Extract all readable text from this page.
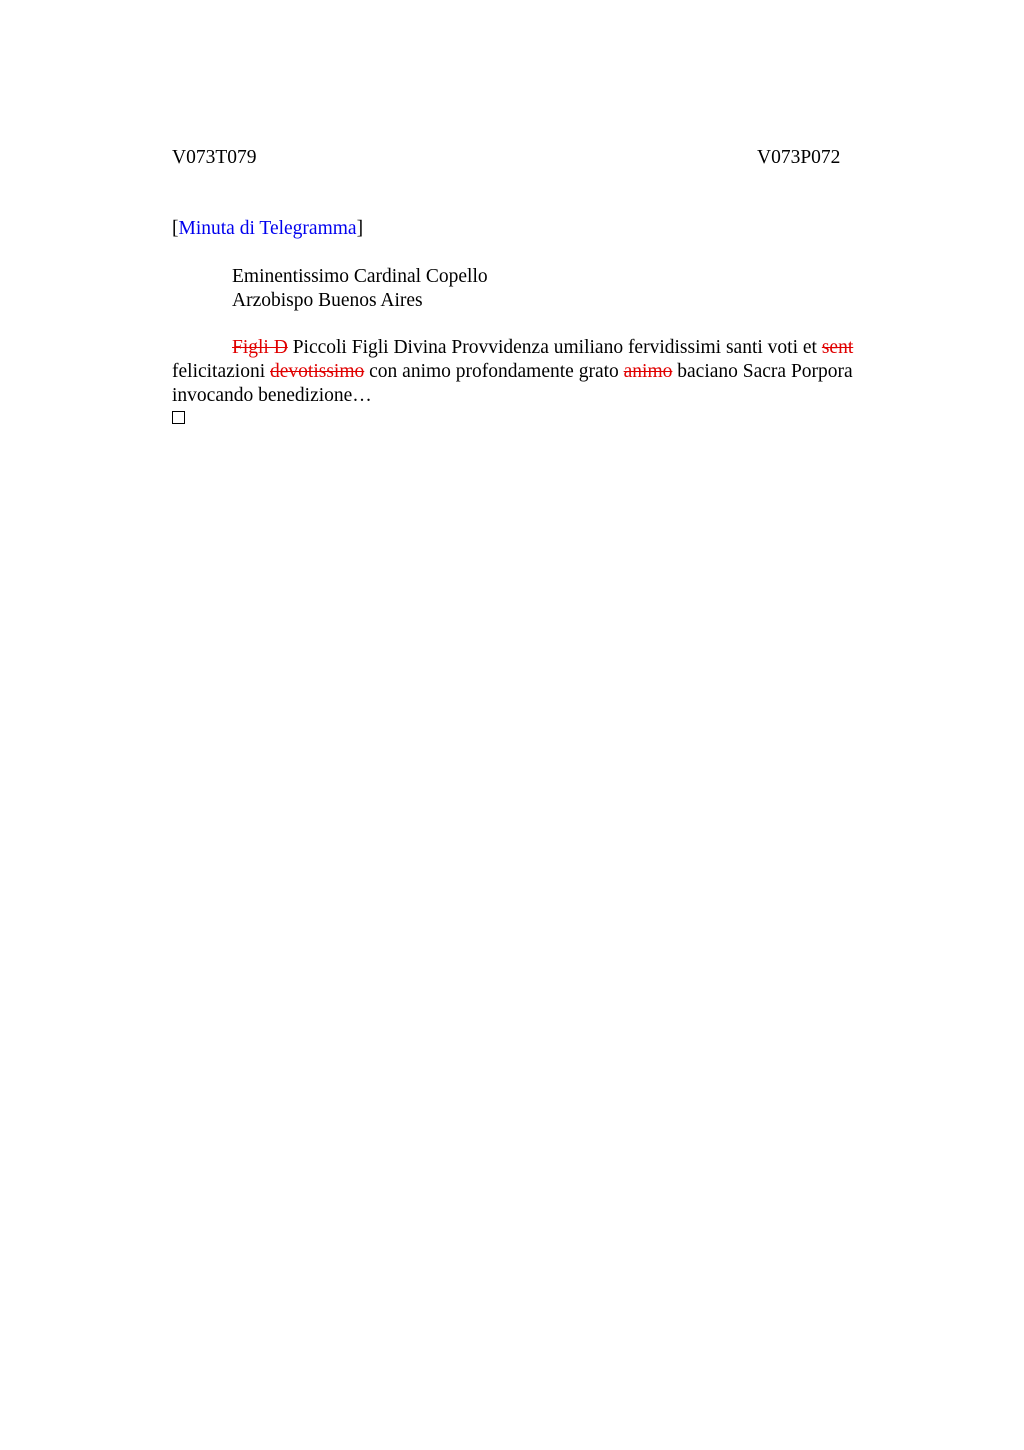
V073T079	V073P072
[Minuta di Telegramma]
Eminentissimo Cardinal Copello
Arzobispo Buenos Aires

Figli D Piccoli Figli Divina Provvidenza umiliano fervidissimi santi voti et sent felicitazioni devotissimo con animo profondamente grato animo baciano Sacra Porpora invocando benedizione…
